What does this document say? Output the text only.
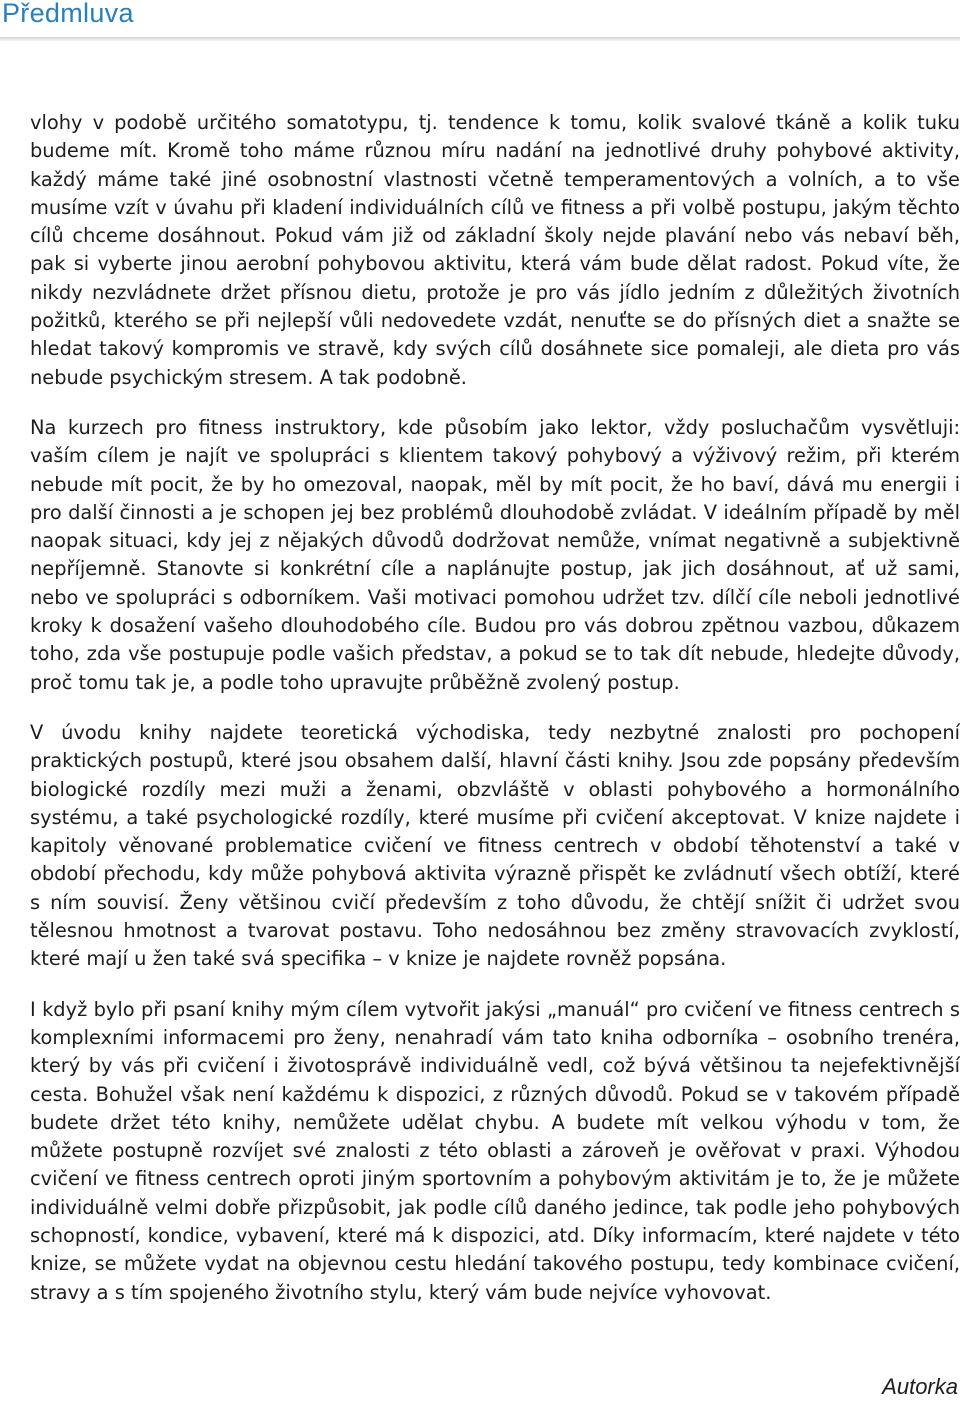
Předmluva

vlohy v podobě určitého somatotypu, tj. tendence k tomu, kolik svalové tkáně a kolik tuku budeme mít. Kromě toho máme různou míru nadání na jednotlivé druhy pohybové aktivity, každý máme také jiné osobnostní vlastnosti včetně temperamentových a volních, a to vše musíme vzít v úvahu při kladení individuálních cílů ve fitness a při volbě postupu, jakým těchto cílů chceme dosáhnout. Pokud vám již od základní školy nejde plavání nebo vás nebaví běh, pak si vyberte jinou aerobní pohybovou aktivitu, která vám bude dělat radost. Pokud víte, že nikdy nezvládnete držet přísnou dietu, protože je pro vás jídlo jedním z důležitých životních požitků, kterého se při nejlepší vůli nedovedete vzdát, nenuťte se do přísných diet a snažte se hledat takový kompromis ve stravě, kdy svých cílů dosáhnete sice pomaleji, ale dieta pro vás nebude psychickým stresem. A tak podobně.

Na kurzech pro fitness instruktory, kde působím jako lektor, vždy posluchačům vysvětluji: vaším cílem je najít ve spolupráci s klientem takový pohybový a výživový režim, při kterém nebude mít pocit, že by ho omezoval, naopak, měl by mít pocit, že ho baví, dává mu energii i pro další činnosti a je schopen jej bez problémů dlouhodobě zvládat. V ideálním případě by měl naopak situaci, kdy jej z nějakých důvodů dodržovat nemůže, vnímat negativně a subjektivně nepříjemně. Stanovte si konkrétní cíle a naplánujte postup, jak jich dosáhnout, ať už sami, nebo ve spolupráci s odborníkem. Vaši motivaci pomohou udržet tzv. dílčí cíle neboli jednotlivé kroky k dosažení vašeho dlouhodobého cíle. Budou pro vás dobrou zpětnou vazbou, důkazem toho, zda vše postupuje podle vašich představ, a pokud se to tak dít nebude, hledejte důvody, proč tomu tak je, a podle toho upravujte průběžně zvolený postup.

V úvodu knihy najdete teoretická východiska, tedy nezbytné znalosti pro pochopení praktických postupů, které jsou obsahem další, hlavní části knihy. Jsou zde popsány především biologické rozdíly mezi muži a ženami, obzvláště v oblasti pohybového a hormonálního systému, a také psychologické rozdíly, které musíme při cvičení akceptovat. V knize najdete i kapitoly věnované problematice cvičení ve fitness centrech v období těhotenství a také v období přechodu, kdy může pohybová aktivita výrazně přispět ke zvládnutí všech obtíží, které s ním souvisí. Ženy většinou cvičí především z toho důvodu, že chtějí snížit či udržet svou tělesnou hmotnost a tvarovat postavu. Toho nedosáhnou bez změny stravovacích zvyklostí, které mají u žen také svá specifika – v knize je najdete rovněž popsána.

I když bylo při psaní knihy mým cílem vytvořit jakýsi „manuál“ pro cvičení ve fitness centrech s komplexními informacemi pro ženy, nenahradí vám tato kniha odborníka – osobního trenéra, který by vás při cvičení i životosprávě individuálně vedl, což bývá většinou ta nejefektivnější cesta. Bohužel však není každému k dispozici, z různých důvodů. Pokud se v takovém případě budete držet této knihy, nemůžete udělat chybu. A budete mít velkou výhodu v tom, že můžete postupně rozvíjet své znalosti z této oblasti a zároveň je ověřovat v praxi. Výhodou cvičení ve fitness centrech oproti jiným sportovním a pohybovým aktivitám je to, že je můžete individuálně velmi dobře přizpůsobit, jak podle cílů daného jedince, tak podle jeho pohybových schopností, kondice, vybavení, které má k dispozici, atd. Díky informacím, které najdete v této knize, se můžete vydat na objevnou cestu hledání takového postupu, tedy kombinace cvičení, stravy a s tím spojeného životního stylu, který vám bude nejvíce vyhovovat.

Autorka
